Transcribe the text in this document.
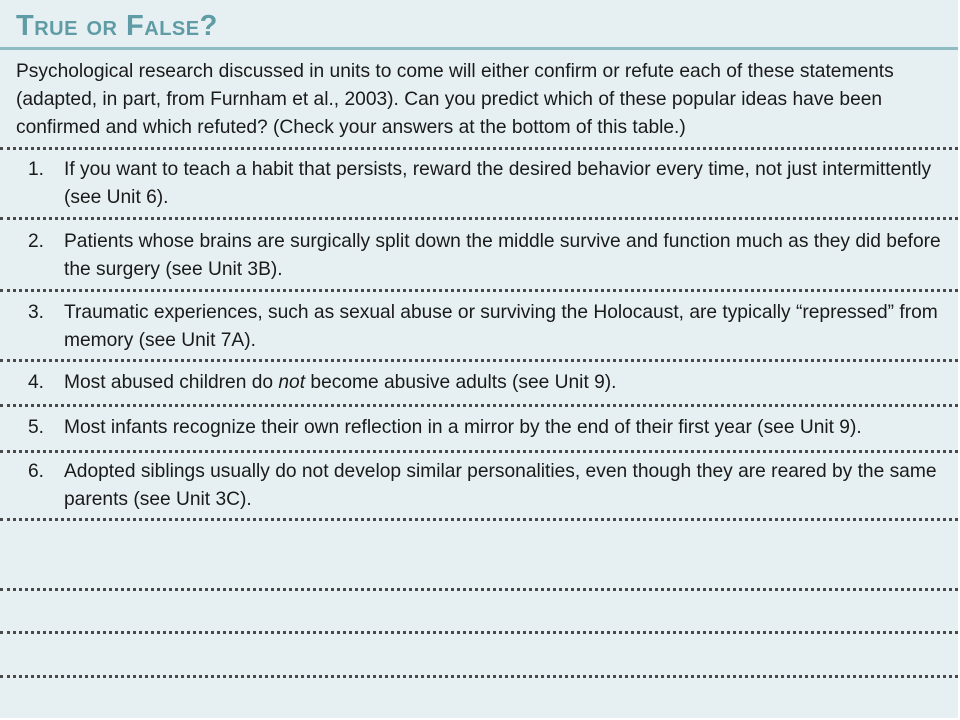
True or False?

Psychological research discussed in units to come will either confirm or refute each of these statements (adapted, in part, from Furnham et al., 2003). Can you predict which of these popular ideas have been confirmed and which refuted? (Check your answers at the bottom of this table.)

1.	If you want to teach a habit that persists, reward the desired behavior every time, not just intermittently (see Unit 6).
2.	Patients whose brains are surgically split down the middle survive and function much as they did before the surgery (see Unit 3B).
3.	Traumatic experiences, such as sexual abuse or surviving the Holocaust, are typically “repressed” from memory (see Unit 7A).
4.	Most abused children do not become abusive adults (see Unit 9).
5.	Most infants recognize their own reflection in a mirror by the end of their first year (see Unit 9).
6.	Adopted siblings usually do not develop similar personalities, even though they are reared by the same parents (see Unit 3C).
